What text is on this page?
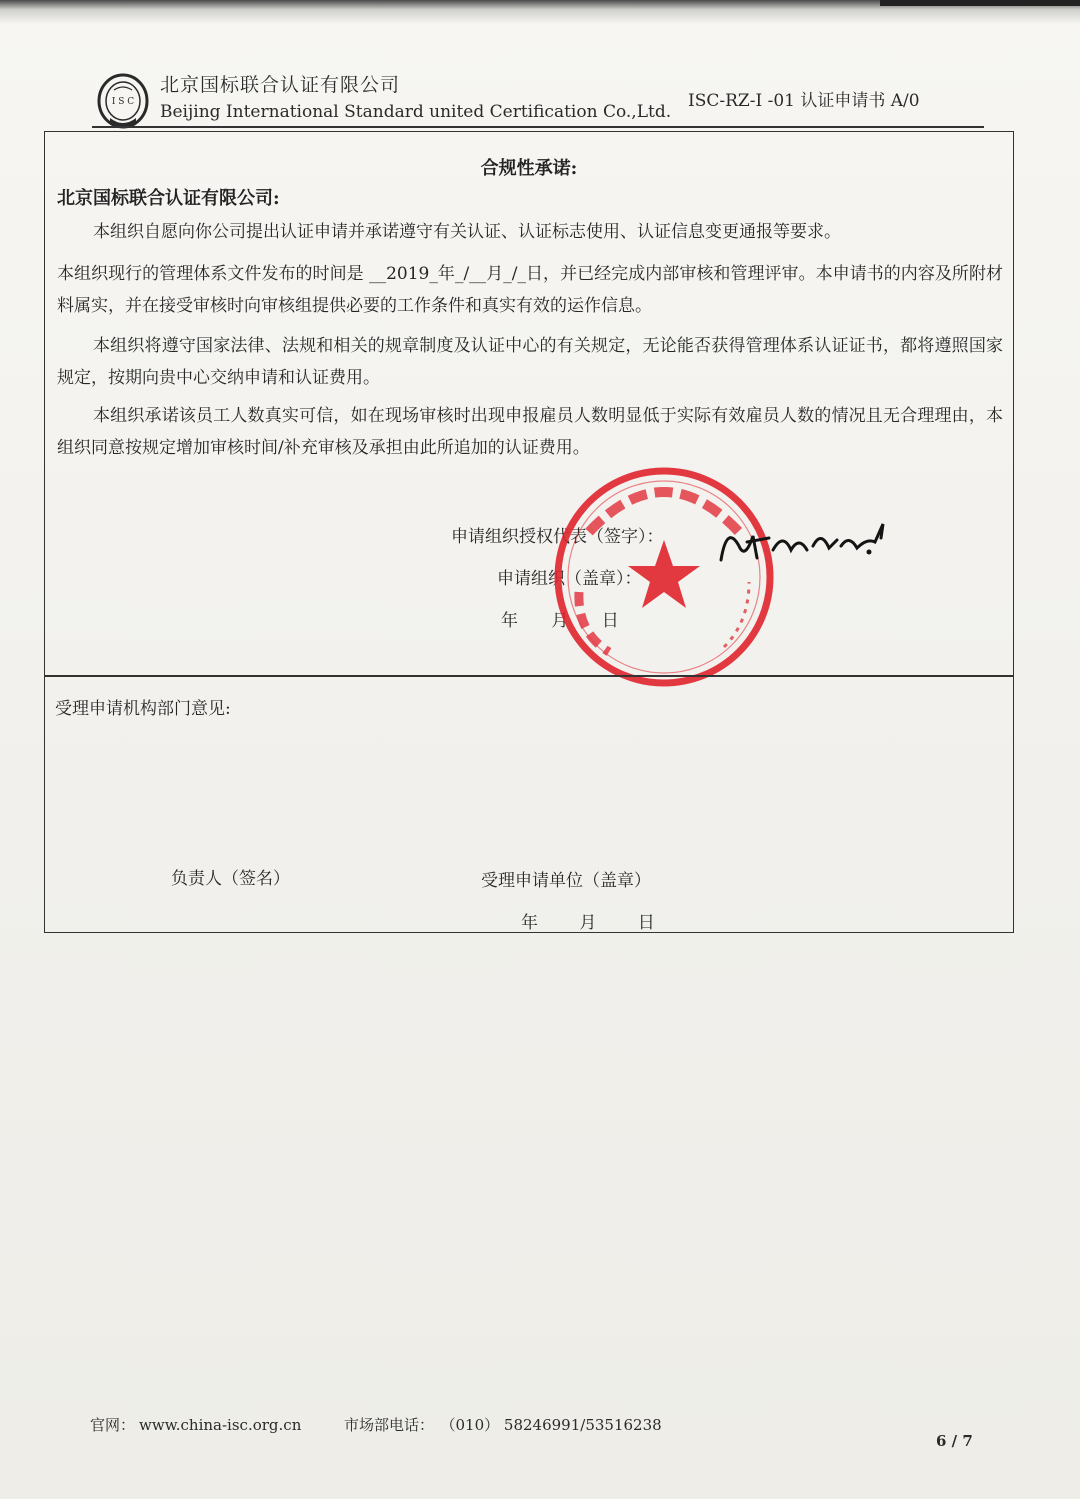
I S C
北京国标联合认证有限公司
Beijing International Standard united Certification Co.,Ltd.
ISC-RZ-I -01 认证申请书 A/0
合规性承诺:
北京国标联合认证有限公司:
本组织自愿向你公司提出认证申请并承诺遵守有关认证、认证标志使用、认证信息变更通报等要求。
本组织现行的管理体系文件发布的时间是 __2019_年_/__月_/_日，并已经完成内部审核和管理评审。本申请书的内容及所附材料属实，并在接受审核时向审核组提供必要的工作条件和真实有效的运作信息。
本组织将遵守国家法律、法规和相关的规章制度及认证中心的有关规定，无论能否获得管理体系认证证书，都将遵照国家规定，按期向贵中心交纳申请和认证费用。
本组织承诺该员工人数真实可信，如在现场审核时出现申报雇员人数明显低于实际有效雇员人数的情况且无合理理由，本组织同意按规定增加审核时间/补充审核及承担由此所追加的认证费用。
申请组织授权代表（签字）：
申请组织（盖章）：
年 月 日
受理申请机构部门意见:
负责人（签名）	受理申请单位（盖章）
年 月 日
官网： www.china-isc.org.cn	市场部电话： （010） 58246991/53516238
6 / 7
